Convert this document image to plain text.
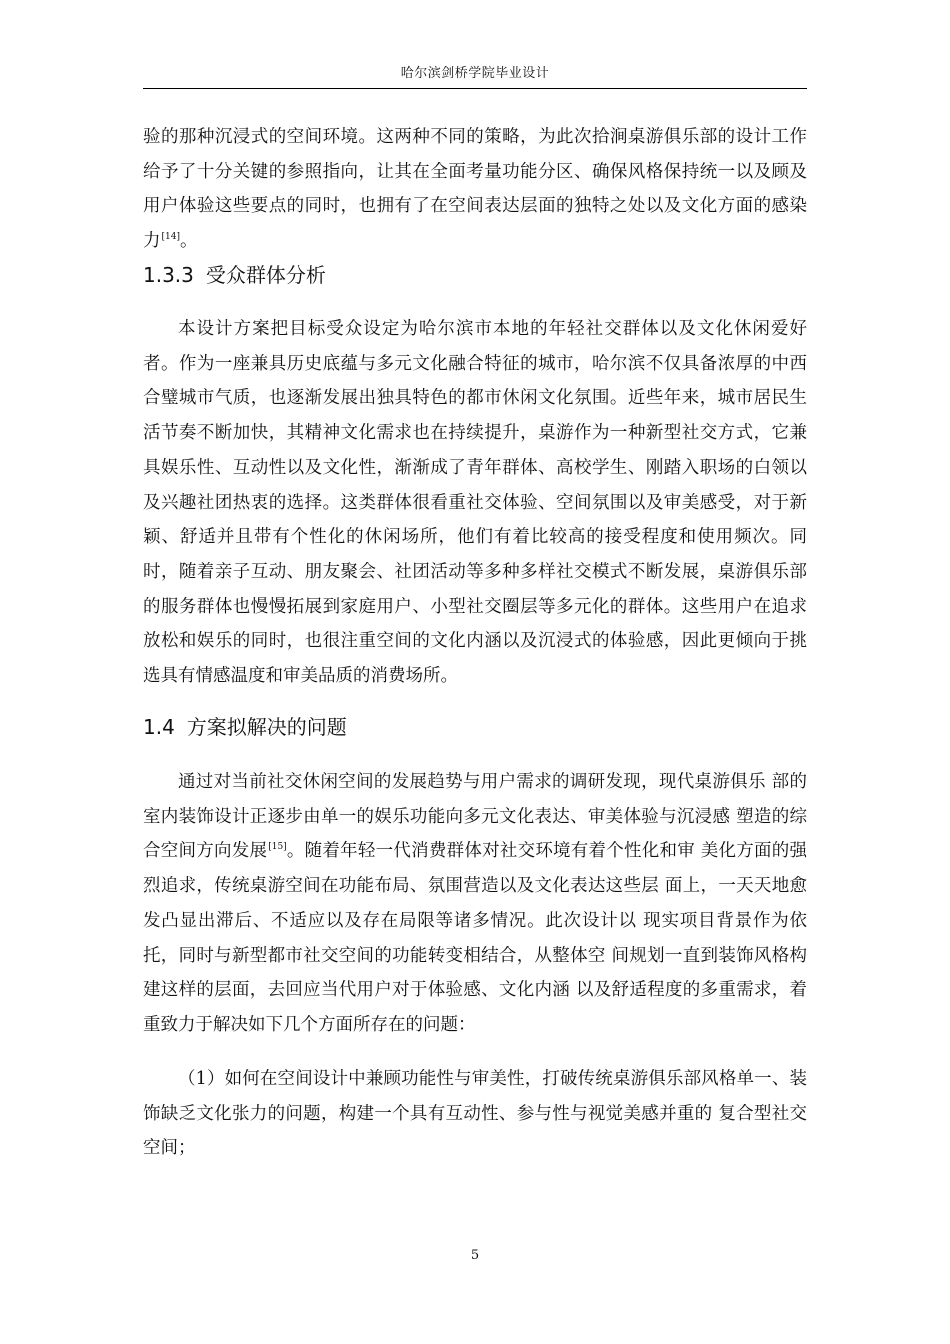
哈尔滨剑桥学院毕业设计
验的那种沉浸式的空间环境。这两种不同的策略，为此次拾涧桌游俱乐部的设计工作给予了十分关键的参照指向，让其在全面考量功能分区、确保风格保持统一以及顾及用户体验这些要点的同时，也拥有了在空间表达层面的独特之处以及文化方面的感染力[14]。
1.3.3 受众群体分析
本设计方案把目标受众设定为哈尔滨市本地的年轻社交群体以及文化休闲爱好者。作为一座兼具历史底蕴与多元文化融合特征的城市，哈尔滨不仅具备浓厚的中西合璧城市气质，也逐渐发展出独具特色的都市休闲文化氛围。近些年来，城市居民生活节奏不断加快，其精神文化需求也在持续提升，桌游作为一种新型社交方式，它兼具娱乐性、互动性以及文化性，渐渐成了青年群体、高校学生、刚踏入职场的白领以及兴趣社团热衷的选择。这类群体很看重社交体验、空间氛围以及审美感受，对于新颖、舒适并且带有个性化的休闲场所，他们有着比较高的接受程度和使用频次。同时，随着亲子互动、朋友聚会、社团活动等多种多样社交模式不断发展，桌游俱乐部的服务群体也慢慢拓展到家庭用户、小型社交圈层等多元化的群体。这些用户在追求放松和娱乐的同时，也很注重空间的文化内涵以及沉浸式的体验感，因此更倾向于挑选具有情感温度和审美品质的消费场所。
1.4 方案拟解决的问题
通过对当前社交休闲空间的发展趋势与用户需求的调研发现，现代桌游俱乐 部的室内装饰设计正逐步由单一的娱乐功能向多元文化表达、审美体验与沉浸感 塑造的综合空间方向发展[15]。随着年轻一代消费群体对社交环境有着个性化和审 美化方面的强烈追求，传统桌游空间在功能布局、氛围营造以及文化表达这些层 面上，一天天地愈发凸显出滞后、不适应以及存在局限等诸多情况。此次设计以 现实项目背景作为依托，同时与新型都市社交空间的功能转变相结合，从整体空 间规划一直到装饰风格构建这样的层面，去回应当代用户对于体验感、文化内涵 以及舒适程度的多重需求，着重致力于解决如下几个方面所存在的问题：
（1）如何在空间设计中兼顾功能性与审美性，打破传统桌游俱乐部风格单一、装饰缺乏文化张力的问题，构建一个具有互动性、参与性与视觉美感并重的 复合型社交空间；
5
